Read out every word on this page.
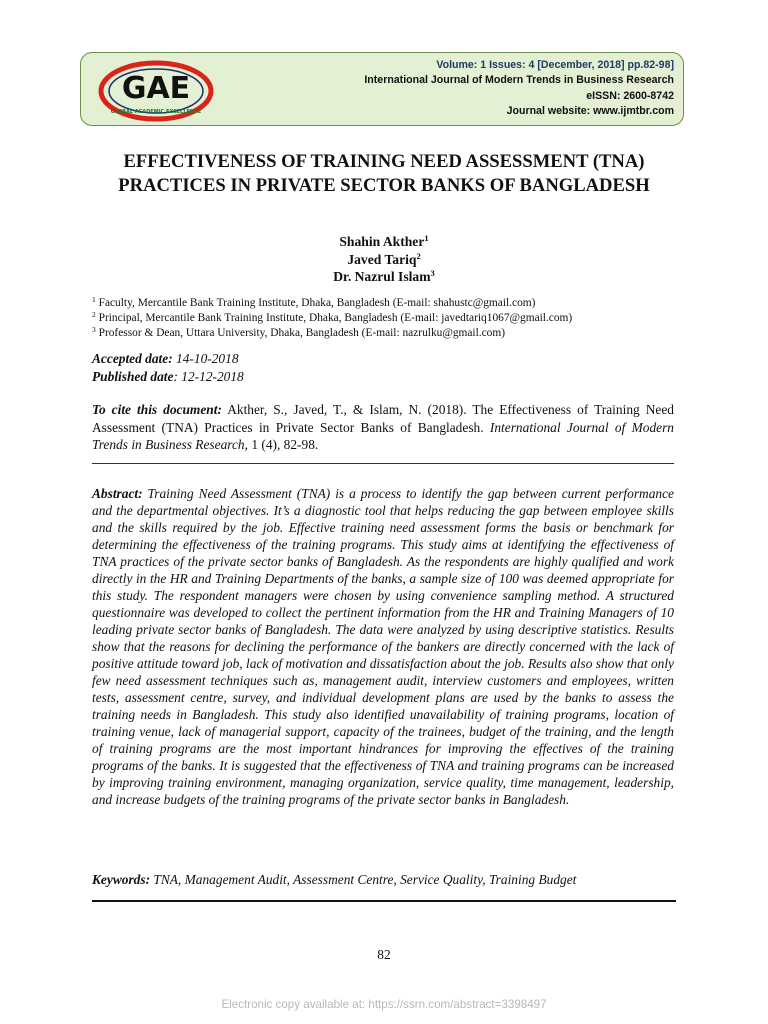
GAE
GLOBAL ACADEMIC EXCELLENCE
Volume: 1 Issues: 4 [December, 2018] pp.82-98]
International Journal of Modern Trends in Business Research
eISSN: 2600-8742
Journal website: www.ijmtbr.com
EFFECTIVENESS OF TRAINING NEED ASSESSMENT (TNA) PRACTICES IN PRIVATE SECTOR BANKS OF BANGLADESH
Shahin Akther$^1$
Javed Tariq$^2$
Dr. Nazrul Islam$^3$
$^1$ Faculty, Mercantile Bank Training Institute, Dhaka, Bangladesh (E-mail: shahustc@gmail.com)
$^2$ Principal, Mercantile Bank Training Institute, Dhaka, Bangladesh (E-mail: javedtariq1067@gmail.com)
$^3$ Professor & Dean, Uttara University, Dhaka, Bangladesh (E-mail: nazrulku@gmail.com)
Accepted date: 14-10-2018
Published date: 12-12-2018
To cite this document: Akther, S., Javed, T., & Islam, N. (2018). The Effectiveness of Training Need Assessment (TNA) Practices in Private Sector Banks of Bangladesh. International Journal of Modern Trends in Business Research, 1 (4), 82-98.
Abstract: Training Need Assessment (TNA) is a process to identify the gap between current performance and the departmental objectives. It’s a diagnostic tool that helps reducing the gap between employee skills and the skills required by the job. Effective training need assessment forms the basis or benchmark for determining the effectiveness of the training programs. This study aims at identifying the effectiveness of TNA practices of the private sector banks of Bangladesh. As the respondents are highly qualified and work directly in the HR and Training Departments of the banks, a sample size of 100 was deemed appropriate for this study. The respondent managers were chosen by using convenience sampling method. A structured questionnaire was developed to collect the pertinent information from the HR and Training Managers of 10 leading private sector banks of Bangladesh. The data were analyzed by using descriptive statistics. Results show that the reasons for declining the performance of the bankers are directly concerned with the lack of positive attitude toward job, lack of motivation and dissatisfaction about the job. Results also show that only few need assessment techniques such as, management audit, interview customers and employees, written tests, assessment centre, survey, and individual development plans are used by the banks to assess the training needs in Bangladesh. This study also identified unavailability of training programs, location of training venue, lack of managerial support, capacity of the trainees, budget of the training, and the length of training programs are the most important hindrances for improving the effectives of the training programs of the banks. It is suggested that the effectiveness of TNA and training programs can be increased by improving training environment, managing organization, service quality, time management, leadership, and increase budgets of the training programs of the private sector banks in Bangladesh.
Keywords: TNA, Management Audit, Assessment Centre, Service Quality, Training Budget
82
Electronic copy available at: https://ssrn.com/abstract=3398497
